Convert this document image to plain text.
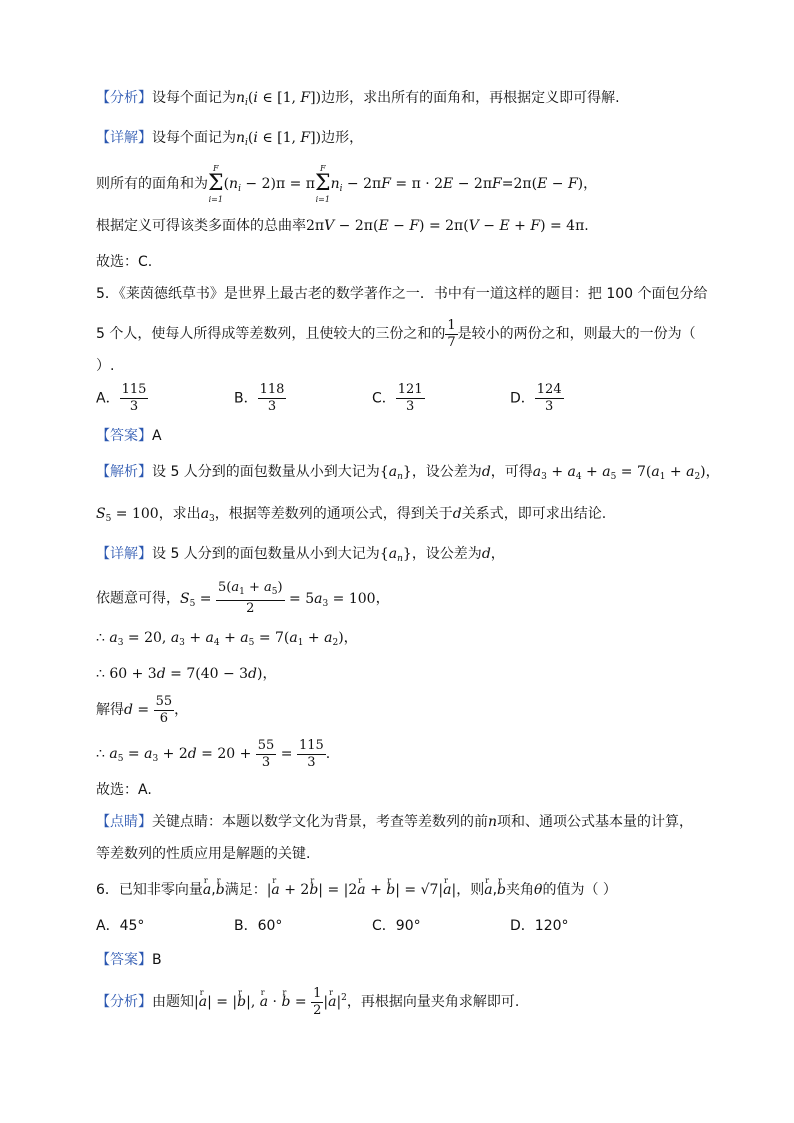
【分析】设每个面记为$n_i(i$ ∈ [1, F])边形，求出所有的面角和，再根据定义即可得解.
【详解】设每个面记为$n_i(i$ ∈ [1, F])边形，
则所有的面角和为
F
Σ
i=1
$(n_i - 2)\pi = \pi$
F
Σ
i=1
$n_i - 2\pi F = \pi \cdot 2E - 2\pi F=2\pi(E - F)$，
根据定义可得该类多面体的总曲率2πV − 2π(E − F) = 2π(V − E + F) = 4π.
故选：C.
5．《莱茵德纸草书》是世界上最古老的数学著作之一．书中有一道这样的题目：把 100 个面包分给
5 个人，使每人所得成等差数列，且使较大的三份之和的 $\frac{1}{7}$ 是较小的两份之和，则最大的一份为（
）.
A． $\frac{115}{3}$	B． $\frac{118}{3}$	C． $\frac{121}{3}$	D． $\frac{124}{3}$
【答案】A
【解析】设 5 人分到的面包数量从小到大记为$\{a_n\}$，设公差为d，可得$a_3 + a_4 + a_5 = 7(a_1 + a_2)$，
$S_5 = 100$，求出$a_3$，根据等差数列的通项公式，得到关于d关系式，即可求出结论.
【详解】设 5 人分到的面包数量从小到大记为$\{a_n\}$，设公差为d，
依题意可得，$S_5 = \frac{5(a_1 + a_5)}{2} = 5a_3 = 100$，
∴ $a_3 = 20$, $a_3 + a_4 + a_5 = 7(a_1 + a_2)$，
∴ 60 + 3d = 7(40 − 3d)，
解得$d = \frac{55}{6}$ ，
∴ $a_5 = a_3 + 2d = 20 + \frac{55}{3} = \frac{115}{3}$ .
故选：A.
【点睛】关键点睛：本题以数学文化为背景，考查等差数列的前n项和、通项公式基本量的计算，
等差数列的性质应用是解题的关键.
6．已知非零向量r a,r b满足：|r a + 2r b| = |2r a + r b| = √7|r a|，则r a,r b夹角θ的值为（ ）
A．45°	B．60°	C．90°	D．120°
【答案】B
【分析】由题知|r a| = |r b|, r a · r $b = \frac{1}{2} |r$ $a|^2$，再根据向量夹角求解即可.
